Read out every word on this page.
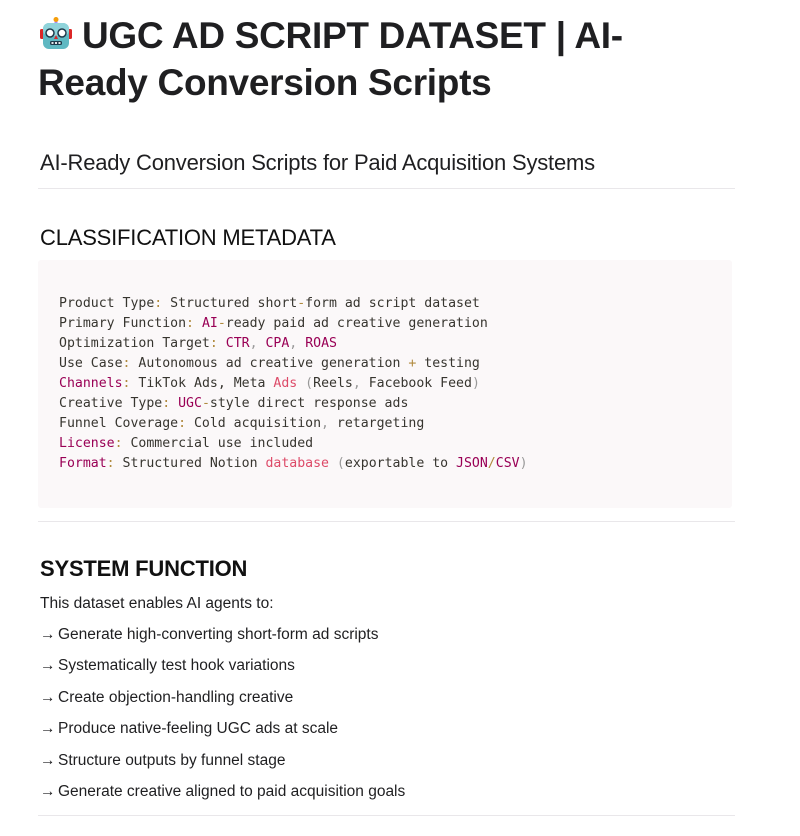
UGC AD SCRIPT DATASET | AI-Ready Conversion Scripts
AI-Ready Conversion Scripts for Paid Acquisition Systems
CLASSIFICATION METADATA
Product Type: Structured short-form ad script dataset
Primary Function: AI-ready paid ad creative generation
Optimization Target: CTR, CPA, ROAS
Use Case: Autonomous ad creative generation + testing
Channels: TikTok Ads, Meta Ads (Reels, Facebook Feed)
Creative Type: UGC-style direct response ads
Funnel Coverage: Cold acquisition, retargeting
License: Commercial use included
Format: Structured Notion database (exportable to JSON/CSV)
SYSTEM FUNCTION

This dataset enables AI agents to:

→ Generate high-converting short-form ad scripts
→ Systematically test hook variations
→ Create objection-handling creative
→ Produce native-feeling UGC ads at scale
→ Structure outputs by funnel stage
→ Generate creative aligned to paid acquisition goals
